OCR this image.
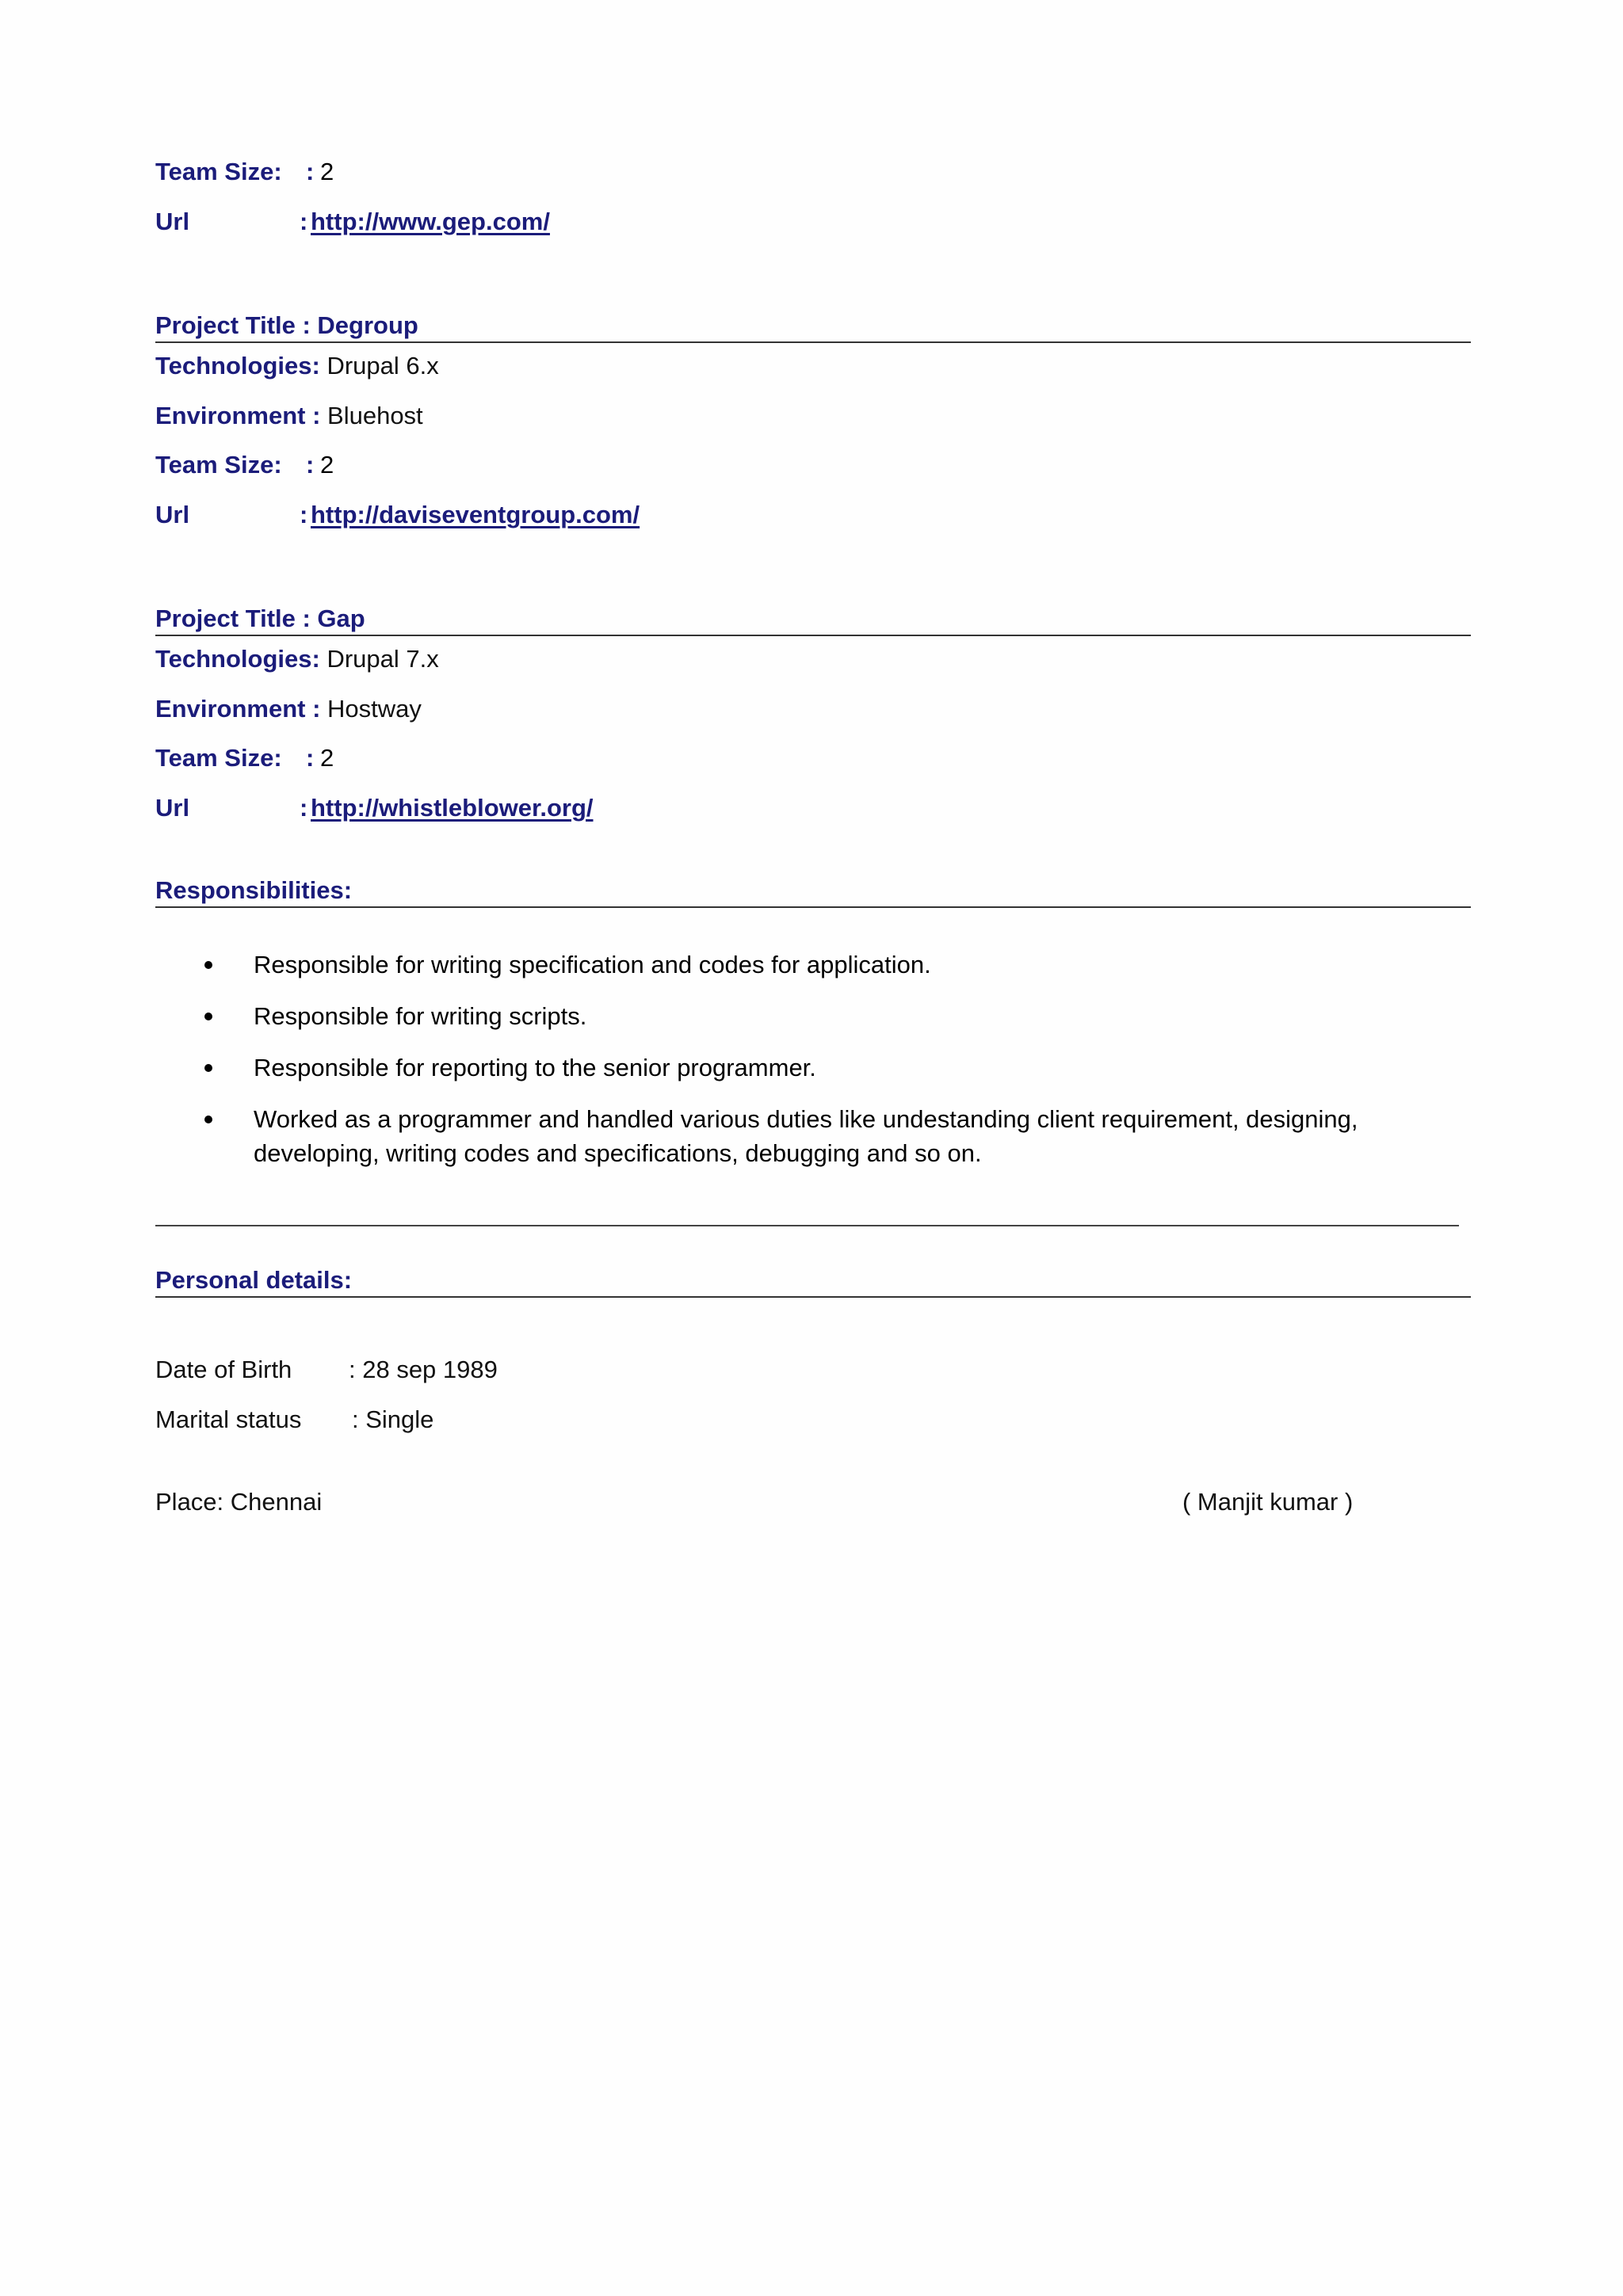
Team Size: : 2
Url	: http://www.gep.com/
Project Title : Degroup
Technologies: Drupal 6.x
Environment : Bluehost
Team Size: : 2
Url	: http://daviseventgroup.com/
Project Title : Gap
Technologies: Drupal 7.x
Environment : Hostway
Team Size: : 2
Url	: http://whistleblower.org/
Responsibilities:
Responsible for writing specification and codes for application.
Responsible for writing scripts.
Responsible for reporting to the senior programmer.
Worked as a programmer and handled various duties like undestanding client requirement, designing, developing, writing codes and specifications, debugging and so on.
Personal details:
Date of Birth : 28 sep 1989
Marital status : Single
Place: Chennai	( Manjit kumar )
